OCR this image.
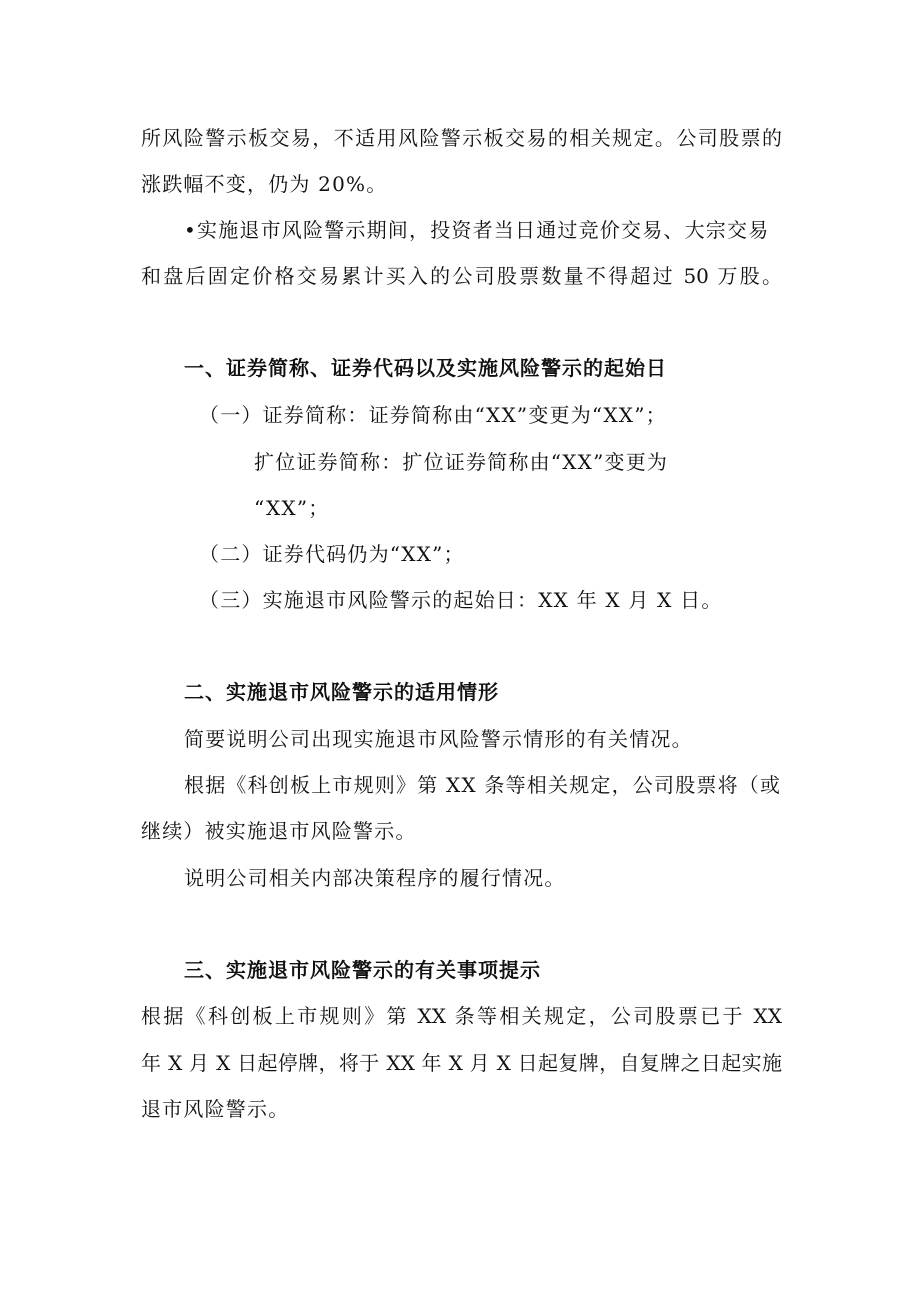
所风险警示板交易，不适用风险警示板交易的相关规定。公司股票的
涨跌幅不变，仍为 20%。
•实施退市风险警示期间，投资者当日通过竞价交易、大宗交易
和盘后固定价格交易累计买入的公司股票数量不得超过 50 万股。
一、证券简称、证券代码以及实施风险警示的起始日
（一）证券简称：证券简称由“XX”变更为“XX”；
扩位证券简称：扩位证券简称由“XX”变更为
“XX”；
（二）证券代码仍为“XX”；
（三）实施退市风险警示的起始日：XX 年 X 月 X 日。
二、实施退市风险警示的适用情形
简要说明公司出现实施退市风险警示情形的有关情况。
根据《科创板上市规则》第 XX 条等相关规定，公司股票将（或
继续）被实施退市风险警示。
说明公司相关内部决策程序的履行情况。
三、实施退市风险警示的有关事项提示
根据《科创板上市规则》第 XX 条等相关规定，公司股票已于 XX
年 X 月 X 日起停牌，将于 XX 年 X 月 X 日起复牌，自复牌之日起实施
退市风险警示。
